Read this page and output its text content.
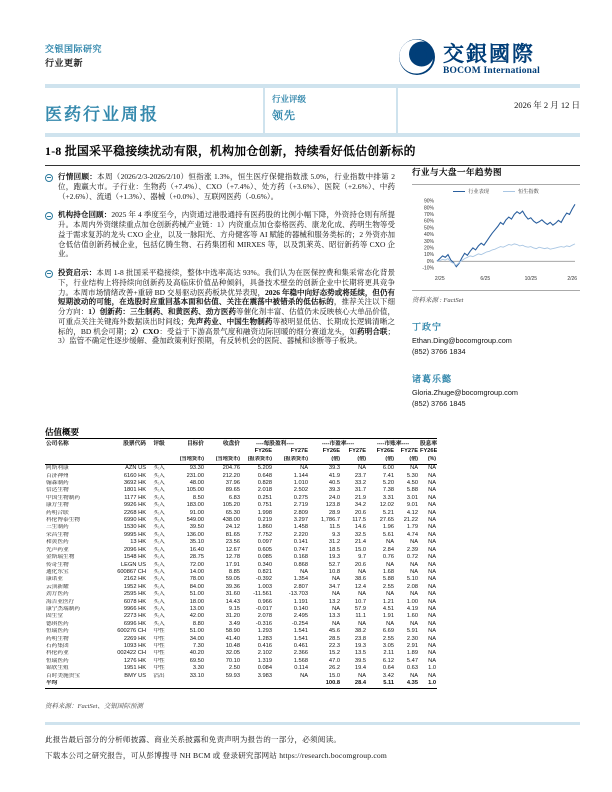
交银国际研究
行业更新	交銀國際
BOCOM International
医药行业周报
行业评级
领先
2026 年 2 月 12 日
1-8 批国采平稳接续扰动有限，机构加仓创新，持续看好低估创新标的

行情回顾：本周（2026/2/3-2026/2/10）恒指涨 1.3%，恒生医疗保健指数涨 5.0%，行业指数中排第 2 位，跑赢大市。子行业：生物药（+7.4%）、CXO（+7.4%）、处方药（+3.6%）、医院（+2.6%）、中药（+2.6%）、流通（+1.3%）、器械（+0.0%）、互联网医药（-0.6%）。

机构持仓回顾：2025 年 4 季度至今，内资通过港股通持有医药股的比例小幅下降，外资持仓则有所提升。本周内外资继续重点加仓创新药械产业链：1）内资重点加仓泰格医药、康龙化成、药明生物等受益于需求复苏的龙头 CXO 企业，以及一脉阳光、方舟健客等 AI 赋能的器械和服务类标的；2 外资亦加仓低估值创新药械企业，包括亿腾生物、石药集团和 MIRXES 等，以及凯莱英、昭衍新药等 CXO 企业。

投资启示：本周 1-8 批国采平稳接续，整体中选率高达 93%。我们认为在医保控费和集采常态化背景下，行业结构上将持续向创新药及高临床价值品种倾斜，具备技术壁垒的创新企业中长期将更具竞争力。本周市场情绪改善+重磅 BD 交易驱动医药板块优异表现，2026 年稳中向好态势或将延续，但仍有短期波动的可能，在选股时应重回基本面和估值、关注在震荡中被错杀的低估标的，推荐关注以下细分方向：1）创新药：三生制药、和黄医药、劲方医药等催化剂丰富、估值仍未反映核心大单品价值，可重点关注关键海外数据读出时间线；先声药业、中国生物制药等被明显低估、长期成长逻辑清晰之标的，BD 机会可期；2）CXO：受益于下游高景气度和融资边际回暖的细分赛道龙头，如药明合联；3）监管不确定性逐步缓解、叠加政策利好预期，有反转机会的医院、器械和诊断等子板块。

行业与大盘一年趋势图
行业表现	恒生指数
90%
80%
70%
60%
50%
40%
30%
20%
10%
0%
-10%
2/25	6/25	10/25	2/26
资料来源 : FactSet
丁政宁
Ethan.Ding@bocomgroup.com
(852) 3766 1834
诸葛乐懿
Gloria.Zhuge@bocomgroup.com
(852) 3766 1845
估值概要
公司名称	股票代码	评级	目标价	收盘价	----每股盈利----		----市盈率----		----市账率----		股息率
					FY26E	FY27E	FY26E	FY27E	FY26E	FY27E	FY26E
			(当地货币)	(当地货币)	(报表货币)	(报表货币)	(倍)	(倍)	(倍)	(倍)	(%)
阿斯利康	AZN US	买入	93.30	204.76	5.209	NA	39.3	NA	6.00	NA	NA
百济神州	6160 HK	买入	231.00	212.20	0.648	1.144	41.9	23.7	7.41	5.30	NA
翰森制药	3692 HK	买入	48.00	37.96	0.828	1.010	40.5	33.2	5.20	4.50	NA
信达生物	1801 HK	买入	105.00	89.65	2.018	2.502	39.3	31.7	7.38	5.88	NA
中国生物制药	1177 HK	买入	8.50	6.83	0.251	0.275	24.0	21.9	3.31	3.01	NA
康方生物	9926 HK	买入	183.00	105.20	0.751	2.719	123.8	34.2	12.02	9.01	NA
药明合联	2268 HK	买入	91.00	65.30	1.998	2.809	28.9	20.6	5.21	4.12	NA
科伦博泰生物	6990 HK	买入	549.00	438.00	0.219	3.297	1,786.7	117.5	27.65	21.22	NA
三生制药	1530 HK	买入	39.50	24.12	1.860	1.458	11.5	14.6	1.96	1.79	NA
荣昌生物	9995 HK	买入	136.00	81.65	7.752	2.220	9.3	32.5	5.61	4.74	NA
和黄医药	13 HK	买入	35.10	23.56	0.097	0.141	31.2	21.4	NA	NA	NA
先声药业	2096 HK	买入	16.40	12.67	0.605	0.747	18.5	15.0	2.84	2.39	NA
金斯瑞生物	1548 HK	买入	28.75	12.78	0.085	0.168	19.3	9.7	0.76	0.72	NA
传奇生物	LEGN US	买入	72.00	17.91	0.340	0.868	52.7	20.6	NA	NA	NA
通化东宝	600867 CH	买入	14.00	8.85	0.821	NA	10.8	NA	1.68	NA	NA
康诺亚	2162 HK	买入	78.00	59.05	-0.392	1.354	NA	38.6	5.88	5.10	NA
云顶新耀	1952 HK	买入	84.00	39.36	1.003	2.807	34.7	12.4	2.55	2.08	NA
劲方医药	2595 HK	买入	51.00	31.60	-11.561	-13.703	NA	NA	NA	NA	NA
海吉亚医疗	6078 HK	买入	18.00	14.43	0.966	1.191	13.2	10.7	1.21	1.00	NA
康宁杰瑞制药	9966 HK	买入	13.00	9.15	-0.017	0.140	NA	57.9	4.51	4.19	NA
固生堂	2273 HK	买入	42.00	31.20	2.078	2.495	13.3	11.1	1.91	1.60	NA
德琪医药	6996 HK	买入	8.80	3.49	-0.316	-0.254	NA	NA	NA	NA	NA
恒瑞医药	600276 CH	中性	51.00	58.90	1.293	1.541	45.6	38.2	6.69	5.91	NA
药明生物	2269 HK	中性	34.00	41.40	1.283	1.541	28.5	23.8	2.55	2.30	NA
石药集团	1093 HK	中性	7.30	10.48	0.416	0.461	22.3	19.3	3.05	2.91	NA
科伦药业	002422 CH	中性	40.20	32.05	2.102	2.366	15.2	13.5	2.11	1.89	NA
恒瑞医药	1276 HK	中性	69.50	70.10	1.319	1.568	47.0	39.5	6.12	5.47	NA
锦欣生殖	1951 HK	中性	3.30	2.50	0.084	0.114	26.2	19.4	0.64	0.63	1.0
百时美施贵宝	BMY US	沽出	33.10	59.93	3.983	NA	15.0	NA	3.42	NA	NA
平均							100.8	28.4	5.11	4.35	1.0
资料来源：FactSet、交银国际预测
此报告最后部分的分析师披露、商业关系披露和免责声明为报告的一部分，必须阅读。
下载本公司之研究报告，可从彭博搜寻 NH BCM 或 登录研究部网站 https://research.bocomgroup.com
